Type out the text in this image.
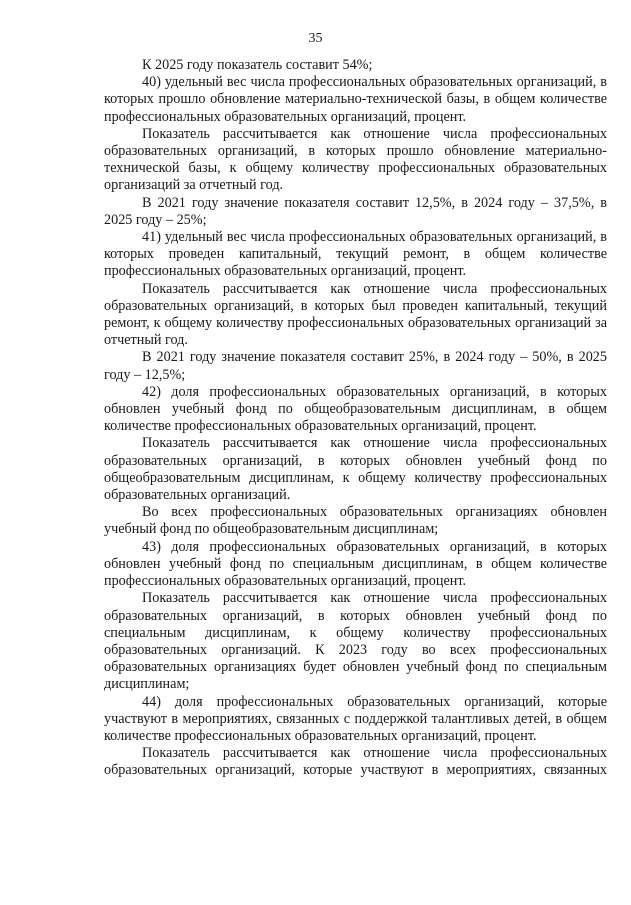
35

К 2025 году показатель составит 54%;

40) удельный вес числа профессиональных образовательных организаций, в которых прошло обновление материально-технической базы, в общем количестве профессиональных образовательных организаций, процент.

Показатель рассчитывается как отношение числа профессиональных образовательных организаций, в которых прошло обновление материально-технической базы, к общему количеству профессиональных образовательных организаций за отчетный год.

В 2021 году значение показателя составит 12,5%, в 2024 году – 37,5%, в 2025 году – 25%;

41) удельный вес числа профессиональных образовательных организаций, в которых проведен капитальный, текущий ремонт, в общем количестве профессиональных образовательных организаций, процент.

Показатель рассчитывается как отношение числа профессиональных образовательных организаций, в которых был проведен капитальный, текущий ремонт, к общему количеству профессиональных образовательных организаций за отчетный год.

В 2021 году значение показателя составит 25%, в 2024 году – 50%, в 2025 году – 12,5%;

42) доля профессиональных образовательных организаций, в которых обновлен учебный фонд по общеобразовательным дисциплинам, в общем количестве профессиональных образовательных организаций, процент.

Показатель рассчитывается как отношение числа профессиональных образовательных организаций, в которых обновлен учебный фонд по общеобразовательным дисциплинам, к общему количеству профессиональных образовательных организаций.

Во всех профессиональных образовательных организациях обновлен учебный фонд по общеобразовательным дисциплинам;

43) доля профессиональных образовательных организаций, в которых обновлен учебный фонд по специальным дисциплинам, в общем количестве профессиональных образовательных организаций, процент.

Показатель рассчитывается как отношение числа профессиональных образовательных организаций, в которых обновлен учебный фонд по специальным дисциплинам, к общему количеству профессиональных образовательных организаций. К 2023 году во всех профессиональных образовательных организациях будет обновлен учебный фонд по специальным дисциплинам;

44) доля профессиональных образовательных организаций, которые участвуют в мероприятиях, связанных с поддержкой талантливых детей, в общем количестве профессиональных образовательных организаций, процент.

Показатель рассчитывается как отношение числа профессиональных образовательных организаций, которые участвуют в мероприятиях, связанных
